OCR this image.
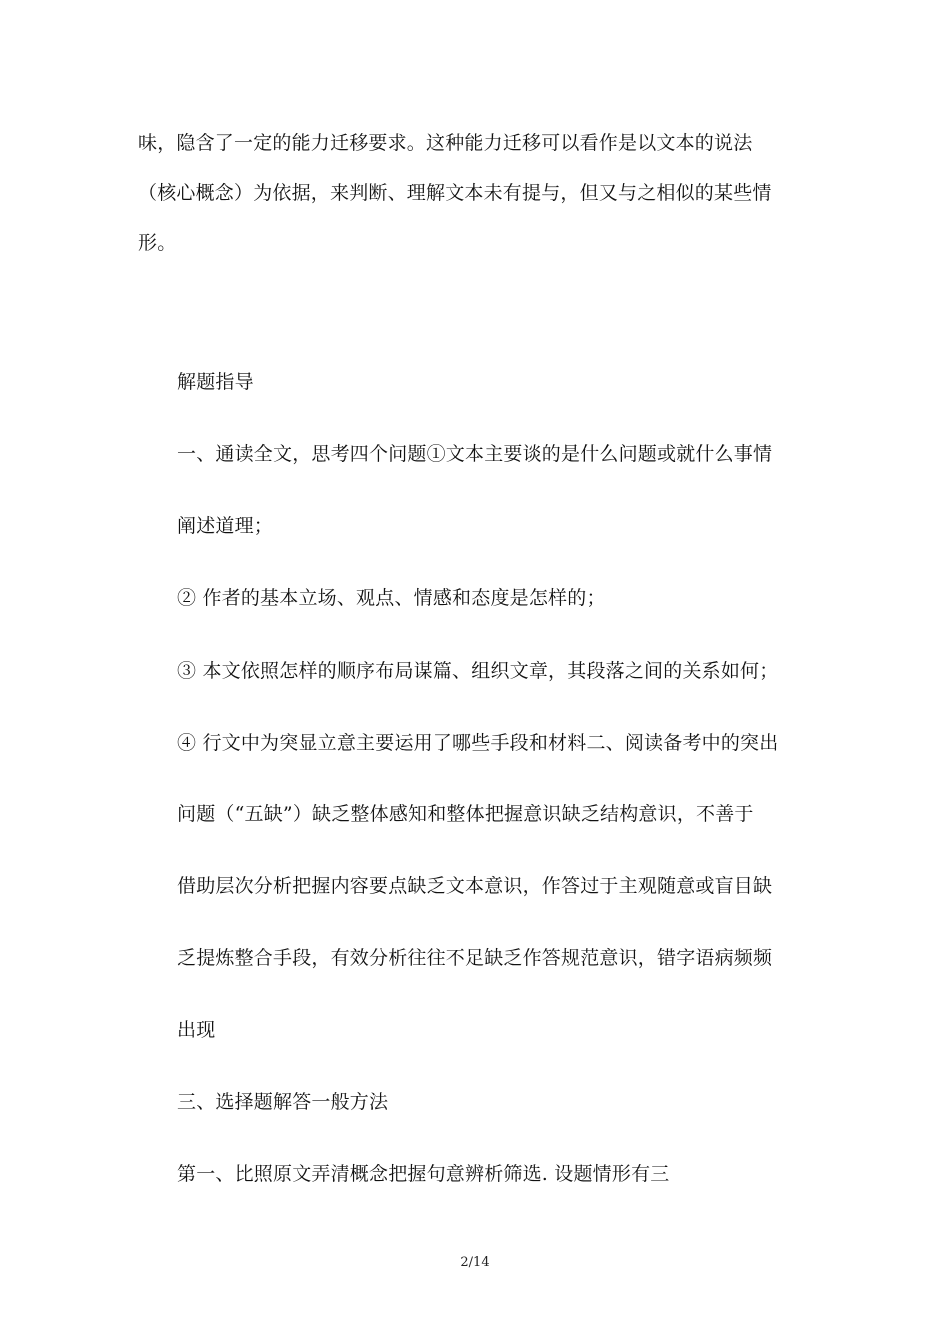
味，隐含了一定的能力迁移要求。这种能力迁移可以看作是以文本的说法
（核心概念）为依据，来判断、理解文本未有提与，但又与之相似的某些情
形。
解题指导
一、通读全文，思考四个问题①文本主要谈的是什么问题或就什么事情
阐述道理；
② 作者的基本立场、观点、情感和态度是怎样的；
③ 本文依照怎样的顺序布局谋篇、组织文章，其段落之间的关系如何；
④ 行文中为突显立意主要运用了哪些手段和材料二、阅读备考中的突出
问题（“五缺”）缺乏整体感知和整体把握意识缺乏结构意识，不善于
借助层次分析把握内容要点缺乏文本意识，作答过于主观随意或盲目缺
乏提炼整合手段，有效分析往往不足缺乏作答规范意识，错字语病频频
出现
三、选择题解答一般方法
第一、比照原文弄清概念把握句意辨析筛选. 设题情形有三
2/14
